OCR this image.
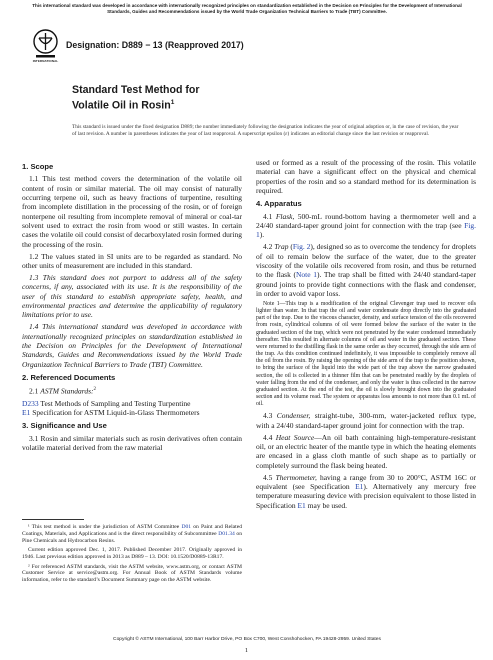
This international standard was developed in accordance with internationally recognized principles on standardization established in the Decision on Principles for the Development of International Standards, Guides and Recommendations issued by the World Trade Organization Technical Barriers to Trade (TBT) Committee.
INTERNATIONAL
Designation: D889 − 13 (Reapproved 2017)
Standard Test Method for
Volatile Oil in Rosin$^1$
This standard is issued under the fixed designation D889; the number immediately following the designation indicates the year of original adoption or, in the case of revision, the year of last revision. A number in parentheses indicates the year of last reapproval. A superscript epsilon (ε) indicates an editorial change since the last revision or reapproval.

1. Scope

1.1 This test method covers the determination of the volatile oil content of rosin or similar material. The oil may consist of naturally occurring terpene oil, such as heavy fractions of turpentine, resulting from incomplete distillation in the processing of the rosin, or of foreign nonterpene oil resulting from incomplete removal of mineral or coal-tar solvent used to extract the rosin from wood or still wastes. In certain cases the volatile oil could consist of decarboxylated rosin formed during the processing of the rosin.

1.2 The values stated in SI units are to be regarded as standard. No other units of measurement are included in this standard.

1.3 This standard does not purport to address all of the safety concerns, if any, associated with its use. It is the responsibility of the user of this standard to establish appropriate safety, health, and environmental practices and determine the applicability of regulatory limitations prior to use.

1.4 This international standard was developed in accordance with internationally recognized principles on standardization established in the Decision on Principles for the Development of International Standards, Guides and Recommendations issued by the World Trade Organization Technical Barriers to Trade (TBT) Committee.

2. Referenced Documents

2.1 ASTM Standards:$^2$

D233 Test Methods of Sampling and Testing Turpentine

E1 Specification for ASTM Liquid-in-Glass Thermometers

3. Significance and Use

3.1 Rosin and similar materials such as rosin derivatives often contain volatile material derived from the raw material

¹ This test method is under the jurisdiction of ASTM Committee D01 on Paint and Related Coatings, Materials, and Applications and is the direct responsibility of Subcommittee D01.34 on Pine Chemicals and Hydrocarbon Resins.

Current edition approved Dec. 1, 2017. Published December 2017. Originally approved in 1946. Last previous edition approved in 2013 as D889 – 13. DOI: 10.1520/D0889-13R17.

² For referenced ASTM standards, visit the ASTM website, www.astm.org, or contact ASTM Customer Service at service@astm.org. For Annual Book of ASTM Standards volume information, refer to the standard’s Document Summary page on the ASTM website.

used or formed as a result of the processing of the rosin. This volatile material can have a significant effect on the physical and chemical properties of the rosin and so a standard method for its determination is required.

4. Apparatus

4.1 Flask, 500-mL round-bottom having a thermometer well and a 24/40 standard-taper ground joint for connection with the trap (see Fig. 1).

4.2 Trap (Fig. 2), designed so as to overcome the tendency for droplets of oil to remain below the surface of the water, due to the greater viscosity of the volatile oils recovered from rosin, and thus be returned to the flask (Note 1). The trap shall be fitted with 24/40 standard-taper ground joints to provide tight connections with the flask and condenser, in order to avoid vapor loss.

Note 1—This trap is a modification of the original Clevenger trap used to recover oils lighter than water. In that trap the oil and water condensate drop directly into the graduated part of the trap. Due to the viscous character, density, and surface tension of the oils recovered from rosin, cylindrical columns of oil were formed below the surface of the water in the graduated section of the trap, which were not penetrated by the water condensed immediately thereafter. This resulted in alternate columns of oil and water in the graduated section. These were returned to the distilling flask in the same order as they occurred, through the side arm of the trap. As this condition continued indefinitely, it was impossible to completely remove all the oil from the rosin. By raising the opening of the side arm of the trap to the position shown, to bring the surface of the liquid into the wide part of the trap above the narrow graduated section, the oil is collected in a thinner film that can be penetrated readily by the droplets of water falling from the end of the condenser, and only the water is thus collected in the narrow graduated section. At the end of the test, the oil is slowly brought down into the graduated section and its volume read. The system or apparatus loss amounts to not more than 0.1 mL of oil.

4.3 Condenser, straight-tube, 300-mm, water-jacketed reflux type, with a 24/40 standard-taper ground joint for connection with the trap.

4.4 Heat Source—An oil bath containing high-temperature-resistant oil, or an electric heater of the mantle type in which the heating elements are encased in a glass cloth mantle of such shape as to partially or completely surround the flask being heated.

4.5 Thermometer, having a range from 30 to 200°C, ASTM 16C or equivalent (see Specification E1). Alternatively any mercury free temperature measuring device with precision equivalent to those listed in Specification E1 may be used.

Copyright © ASTM International, 100 Barr Harbor Drive, PO Box C700, West Conshohocken, PA 19428-2959. United States
1
